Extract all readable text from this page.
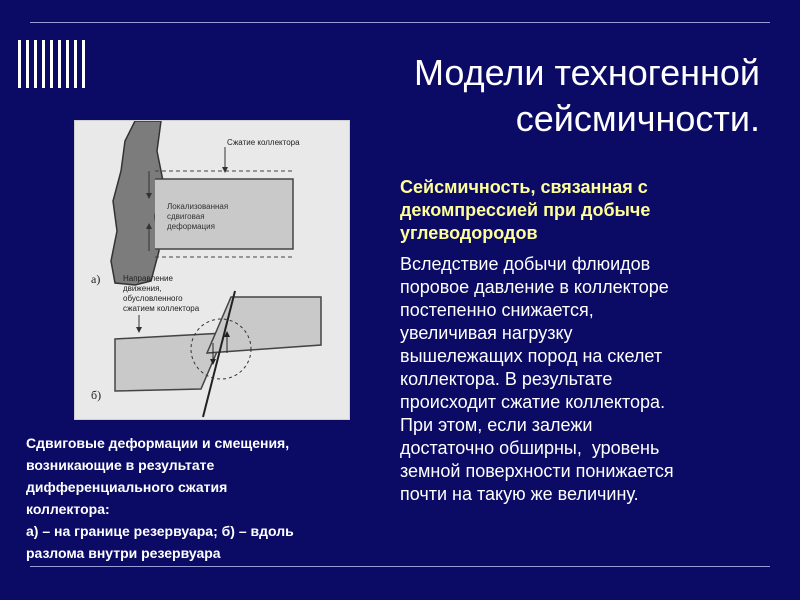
Модели техногенной
сейсмичности.
Сжатие коллектора
Локализованная
сдвиговая
деформация
а)	Направление
движения,
обусловленного
сжатием коллектора
б)
Сейсмичность, связанная с
декомпрессией при добыче
углеводородов
Вследствие добычи флюидов
поровое давление в коллекторе
постепенно снижается,
увеличивая нагрузку
вышележащих пород на скелет
коллектора. В результате
происходит сжатие коллектора.
При этом, если залежи
достаточно обширны,  уровень
земной поверхности понижается
почти на такую же величину.
Сдвиговые деформации и смещения,
возникающие в результате
дифференциального сжатия
коллектора:
а) – на границе резервуара; б) – вдоль
разлома внутри резервуара
